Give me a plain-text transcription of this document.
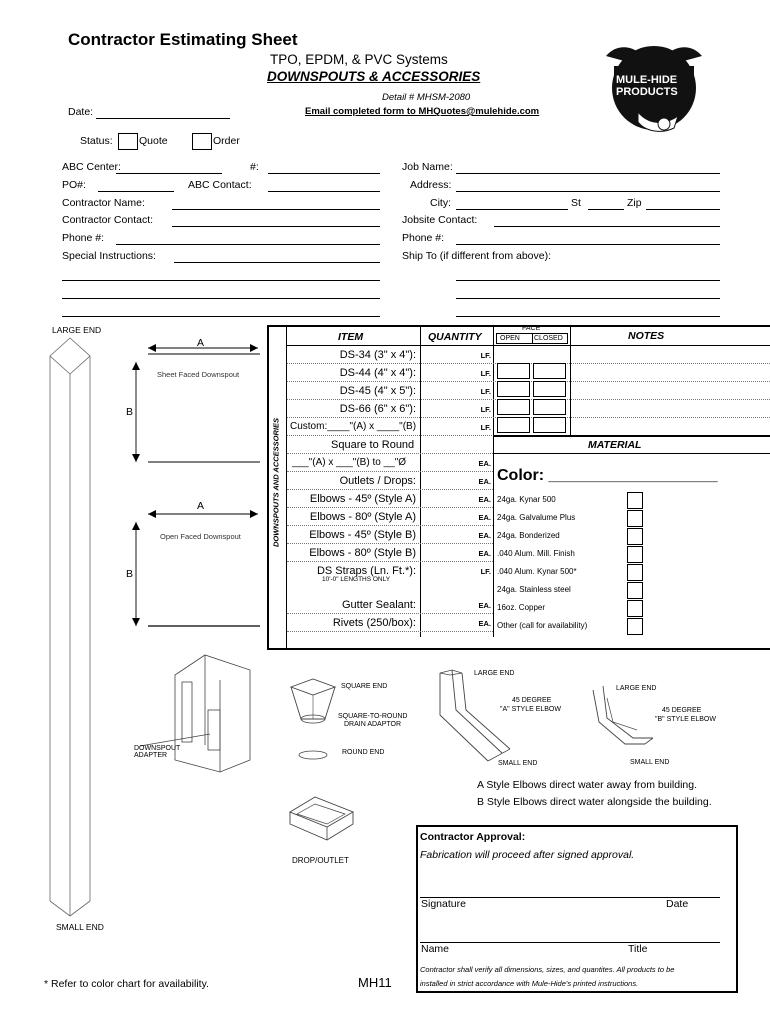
Contractor Estimating Sheet
TPO, EPDM, & PVC Systems
DOWNSPOUTS & ACCESSORIES
Detail # MHSM-2080
Email completed form to MHQuotes@mulehide.com
MULE-HIDE
PRODUCTS
Date:
Status:	Quote	Order
ABC Center:	#:
PO#:	ABC Contact:
Contractor Name:
Contractor Contact:
Phone #:
Special Instructions:
Job Name:
Address:
City:	St	Zip
Jobsite Contact:
Phone #:
Ship To (if different from above):
LARGE END
SMALL END
A
B
Sheet Faced Downspout
A
B
Open Faced Downspout	DOWNSPOUTS AND ACCESSORIES
ITEM	QUANTITY
FACE
OPEN CLOSED	NOTES
DS-34 (3" x 4"):	LF.
DS-44 (4" x 4"):	LF.
DS-45 (4" x 5"):	LF.
DS-66 (6" x 6"):	LF.
Custom:____"(A) x ____"(B)	LF.
Square to Round
___"(A) x ___"(B) to __"Ø	EA.
Outlets / Drops:	EA.
Elbows - 45º (Style A)	EA.
Elbows - 80º (Style A)	EA.
Elbows - 45º (Style B)	EA.
Elbows - 80º (Style B)	EA.
DS Straps (Ln. Ft.*):	LF.
10'-0" LENGTHS ONLY
Gutter Sealant:	EA.
Rivets (250/box):	EA.
MATERIAL
Color: ___________________
24ga. Kynar 500
24ga. Galvalume Plus
24ga. Bonderized
.040 Alum. Mill. Finish
.040 Alum. Kynar 500*
24ga. Stainless steel
16oz. Copper
Other (call for availability)
DOWNSPOUT ADAPTER
SQUARE END
SQUARE-TO-ROUND
DRAIN ADAPTOR
ROUND END
DROP/OUTLET
LARGE END
45 DEGREE
"A" STYLE ELBOW
SMALL END
LARGE END
45 DEGREE
"B" STYLE ELBOW
SMALL END
A Style Elbows direct water away from building.
B Style Elbows direct water alongside the building.
Contractor Approval:
Fabrication will proceed after signed approval.
Signature	Date
Name	Title
Contractor shall verify all dimensions, sizes, and quantites. All products to be
installed in strict accordance with Mule-Hide's printed instructions.
* Refer to color chart for availability.	MH11
